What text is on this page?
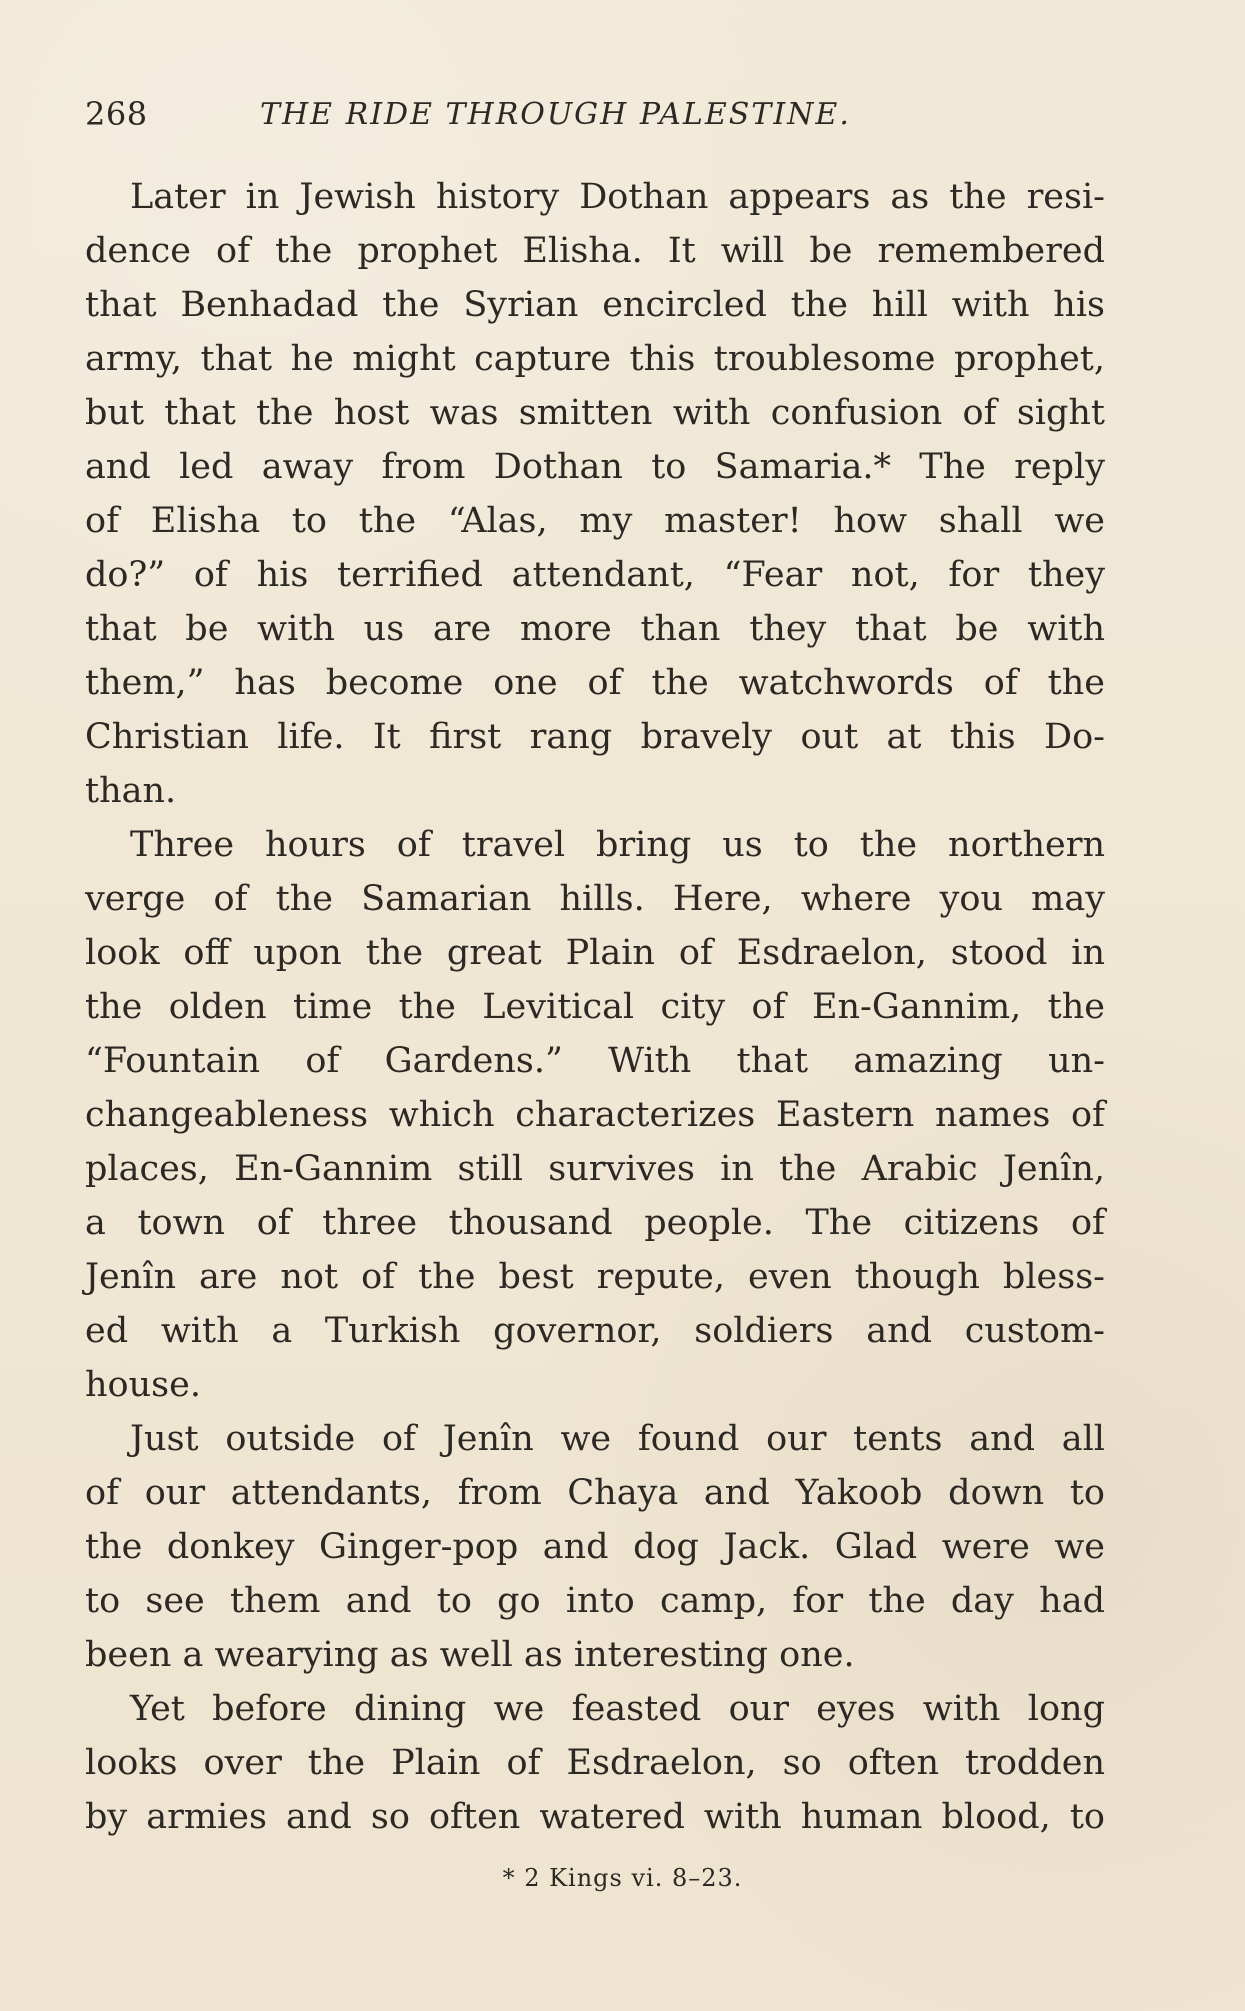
268	THE RIDE THROUGH PALESTINE.
Later in Jewish history Dothan appears as the resi-
dence of the prophet Elisha. It will be remembered
that Benhadad the Syrian encircled the hill with his
army, that he might capture this troublesome prophet,
but that the host was smitten with confusion of sight
and led away from Dothan to Samaria.* The reply
of Elisha to the “Alas, my master! how shall we
do?” of his terrified attendant, “Fear not, for they
that be with us are more than they that be with
them,” has become one of the watchwords of the
Christian life. It first rang bravely out at this Do-
than.
Three hours of travel bring us to the northern
verge of the Samarian hills. Here, where you may
look off upon the great Plain of Esdraelon, stood in
the olden time the Levitical city of En-Gannim, the
“Fountain of Gardens.” With that amazing un-
changeableness which characterizes Eastern names of
places, En-Gannim still survives in the Arabic Jenîn,
a town of three thousand people. The citizens of
Jenîn are not of the best repute, even though bless-
ed with a Turkish governor, soldiers and custom-
house.
Just outside of Jenîn we found our tents and all
of our attendants, from Chaya and Yakoob down to
the donkey Ginger-pop and dog Jack. Glad were we
to see them and to go into camp, for the day had
been a wearying as well as interesting one.
Yet before dining we feasted our eyes with long
looks over the Plain of Esdraelon, so often trodden
by armies and so often watered with human blood, to
* 2 Kings vi. 8–23.
